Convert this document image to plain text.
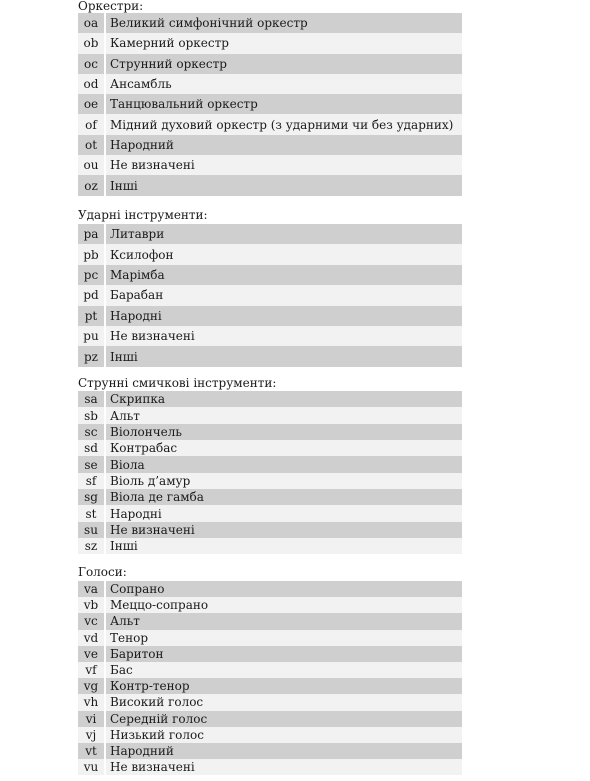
Оркестри:

oa	Великий симфонічний оркестр
ob	Камерний оркестр
oc	Струнний оркестр
od	Ансамбль
oe	Танцювальний оркестр
of	Мідний духовий оркестр (з ударними чи без ударних)
ot	Народний
ou	Не визначені
oz	Інші

Ударні інструменти:

pa	Литаври
pb	Ксилофон
pc	Марімба
pd	Барабан
pt	Народні
pu	Не визначені
pz	Інші

Струнні смичкові інструменти:

sa	Скрипка
sb	Альт
sc	Віолончель
sd	Контрабас
se	Віола
sf	Віоль д’амур
sg	Віола де гамба
st	Народні
su	Не визначені
sz	Інші

Голоси:

va	Сопрано
vb	Меццо-сопрано
vc	Альт
vd	Тенор
ve	Баритон
vf	Бас
vg	Контр-тенор
vh	Високий голос
vi	Середній голос
vj	Низький голос
vt	Народний
vu	Не визначені
